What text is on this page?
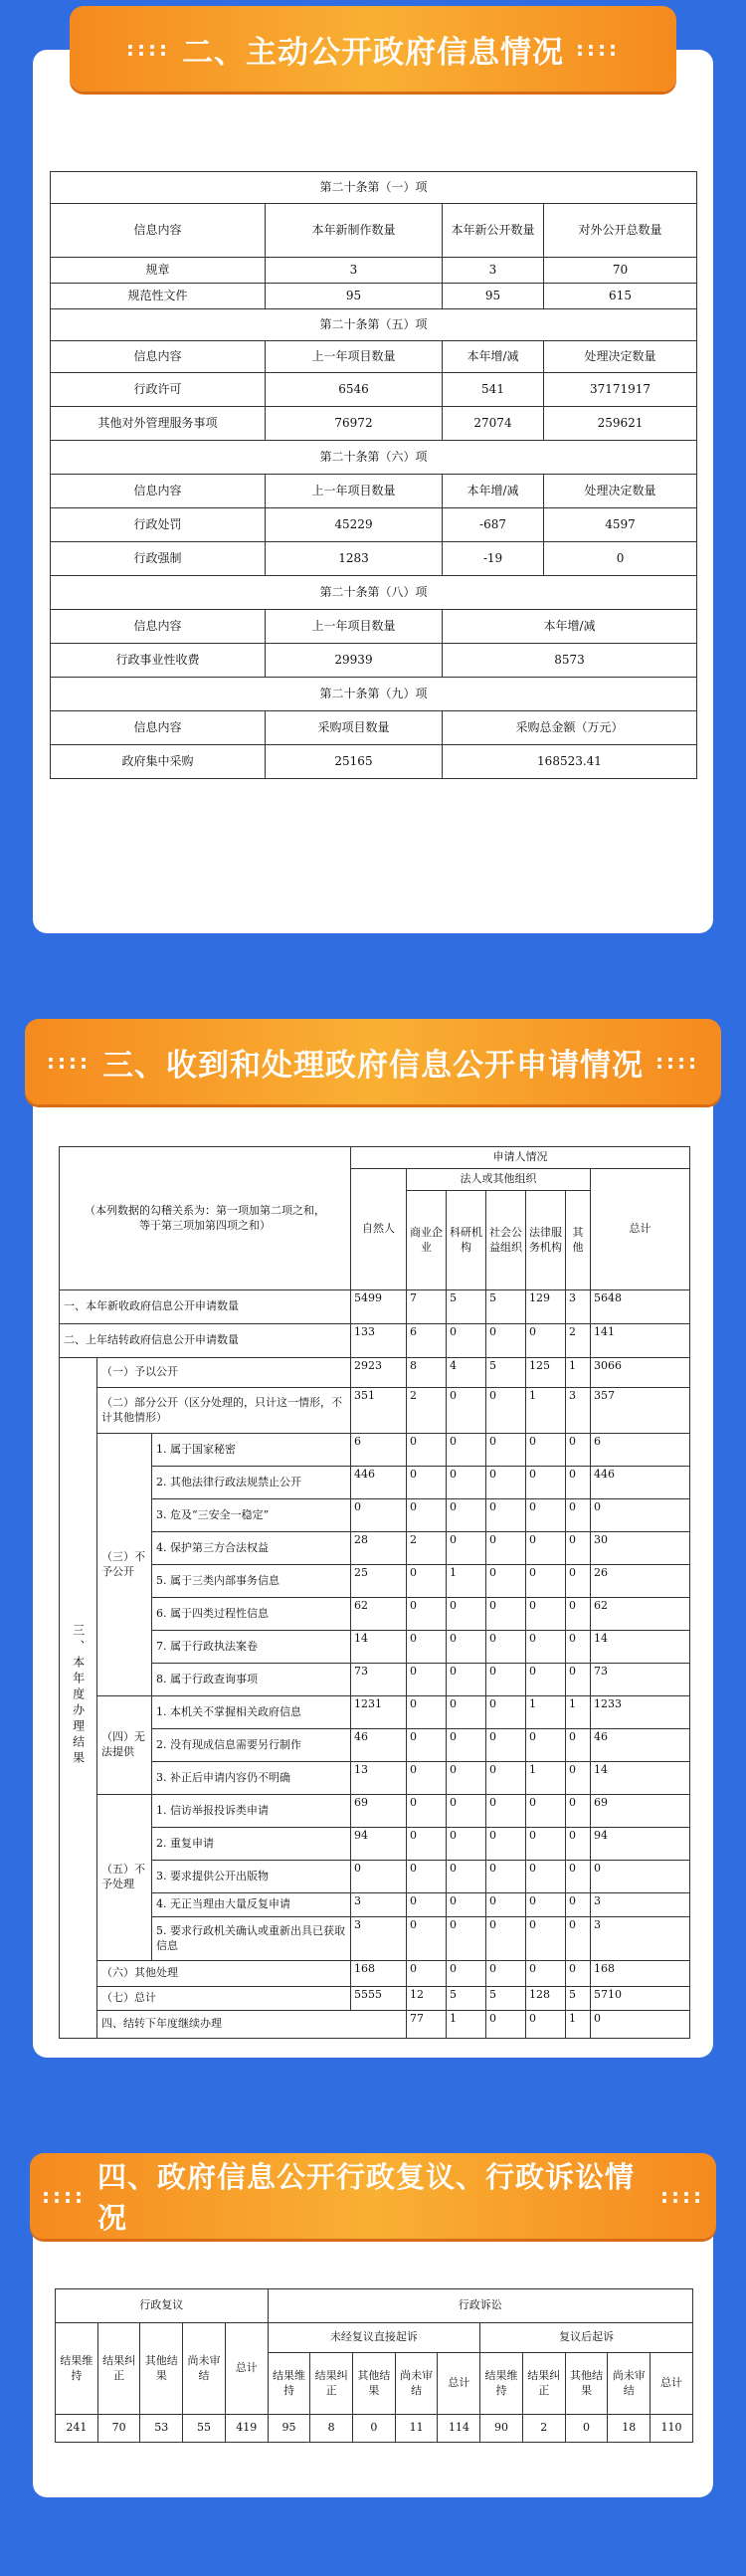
第二十条第（一）项			
信息内容	本年新制作数量	本年新公开数量	对外公开总数量
规章	3	3	70
规范性文件	95	95	615
第二十条第（五）项			
信息内容	上一年项目数量	本年增/减	处理决定数量
行政许可	6546	541	37171917
其他对外管理服务事项	76972	27074	259621
第二十条第（六）项			
信息内容	上一年项目数量	本年增/减	处理决定数量
行政处罚	45229	-687	4597
行政强制	1283	-19	0
第二十条第（八）项			
信息内容	上一年项目数量	本年增/减	
行政事业性收费	29939	8573	
第二十条第（九）项			
信息内容	采购项目数量	采购总金额（万元）	
政府集中采购	25165	168523.41	
:::: 二、主动公开政府信息情况 ::::
（本列数据的勾稽关系为：第一项加第二项之和，等于第三项加第四项之和）			申请人情况							
			自然人	法人或其他组织					总计	
				商业企业	科研机构	社会公益组织	法律服务机构	其他		
一、本年新收政府信息公开申请数量			5499	7	5	5	129	3	5648	
二、上年结转政府信息公开申请数量			133	6	0	0	0	2	141	
三、本年度办理结果	（一）予以公开		2923	8	4	5	125	1	3066	
	（二）部分公开（区分处理的，只计这一情形，不计其他情形）		351	2	0	0	1	3	357	
	（三）不予公开	1. 属于国家秘密	6	0	0	0	0	0	6	
		2. 其他法律行政法规禁止公开	446	0	0	0	0	0	446	
		3. 危及“三安全一稳定”	0	0	0	0	0	0	0	
		4. 保护第三方合法权益	28	2	0	0	0	0	30	
		5. 属于三类内部事务信息	25	0	1	0	0	0	26	
		6. 属于四类过程性信息	62	0	0	0	0	0	62	
		7. 属于行政执法案卷	14	0	0	0	0	0	14	
		8. 属于行政查询事项	73	0	0	0	0	0	73	
	（四）无法提供	1. 本机关不掌握相关政府信息	1231	0	0	0	1	1	1233	
		2. 没有现成信息需要另行制作	46	0	0	0	0	0	46	
		3. 补正后申请内容仍不明确	13	0	0	0	1	0	14	
	（五）不予处理	1. 信访举报投诉类申请	69	0	0	0	0	0	69	
		2. 重复申请	94	0	0	0	0	0	94	
		3. 要求提供公开出版物	0	0	0	0	0	0	0	
		4. 无正当理由大量反复申请	3	0	0	0	0	0	3	
		5. 要求行政机关确认或重新出具已获取信息	3	0	0	0	0	0	3	
	（六）其他处理		168	0	0	0	0	0	168	
	（七）总计		5555	12	5	5	128	5	5710	
	四、结转下年度继续办理			77	1	0	0	1	0	
:::: 三、收到和处理政府信息公开申请情况 ::::
行政复议					行政诉讼									
结果维持	结果纠正	其他结果	尚未审结	总计	未经复议直接起诉					复议后起诉				
					结果维持	结果纠正	其他结果	尚未审结	总计	结果维持	结果纠正	其他结果	尚未审结	总计
241	70	53	55	419	95	8	0	11	114	90	2	0	18	110
::::
四、政府信息公开行政复议、行政诉讼情况
::::
